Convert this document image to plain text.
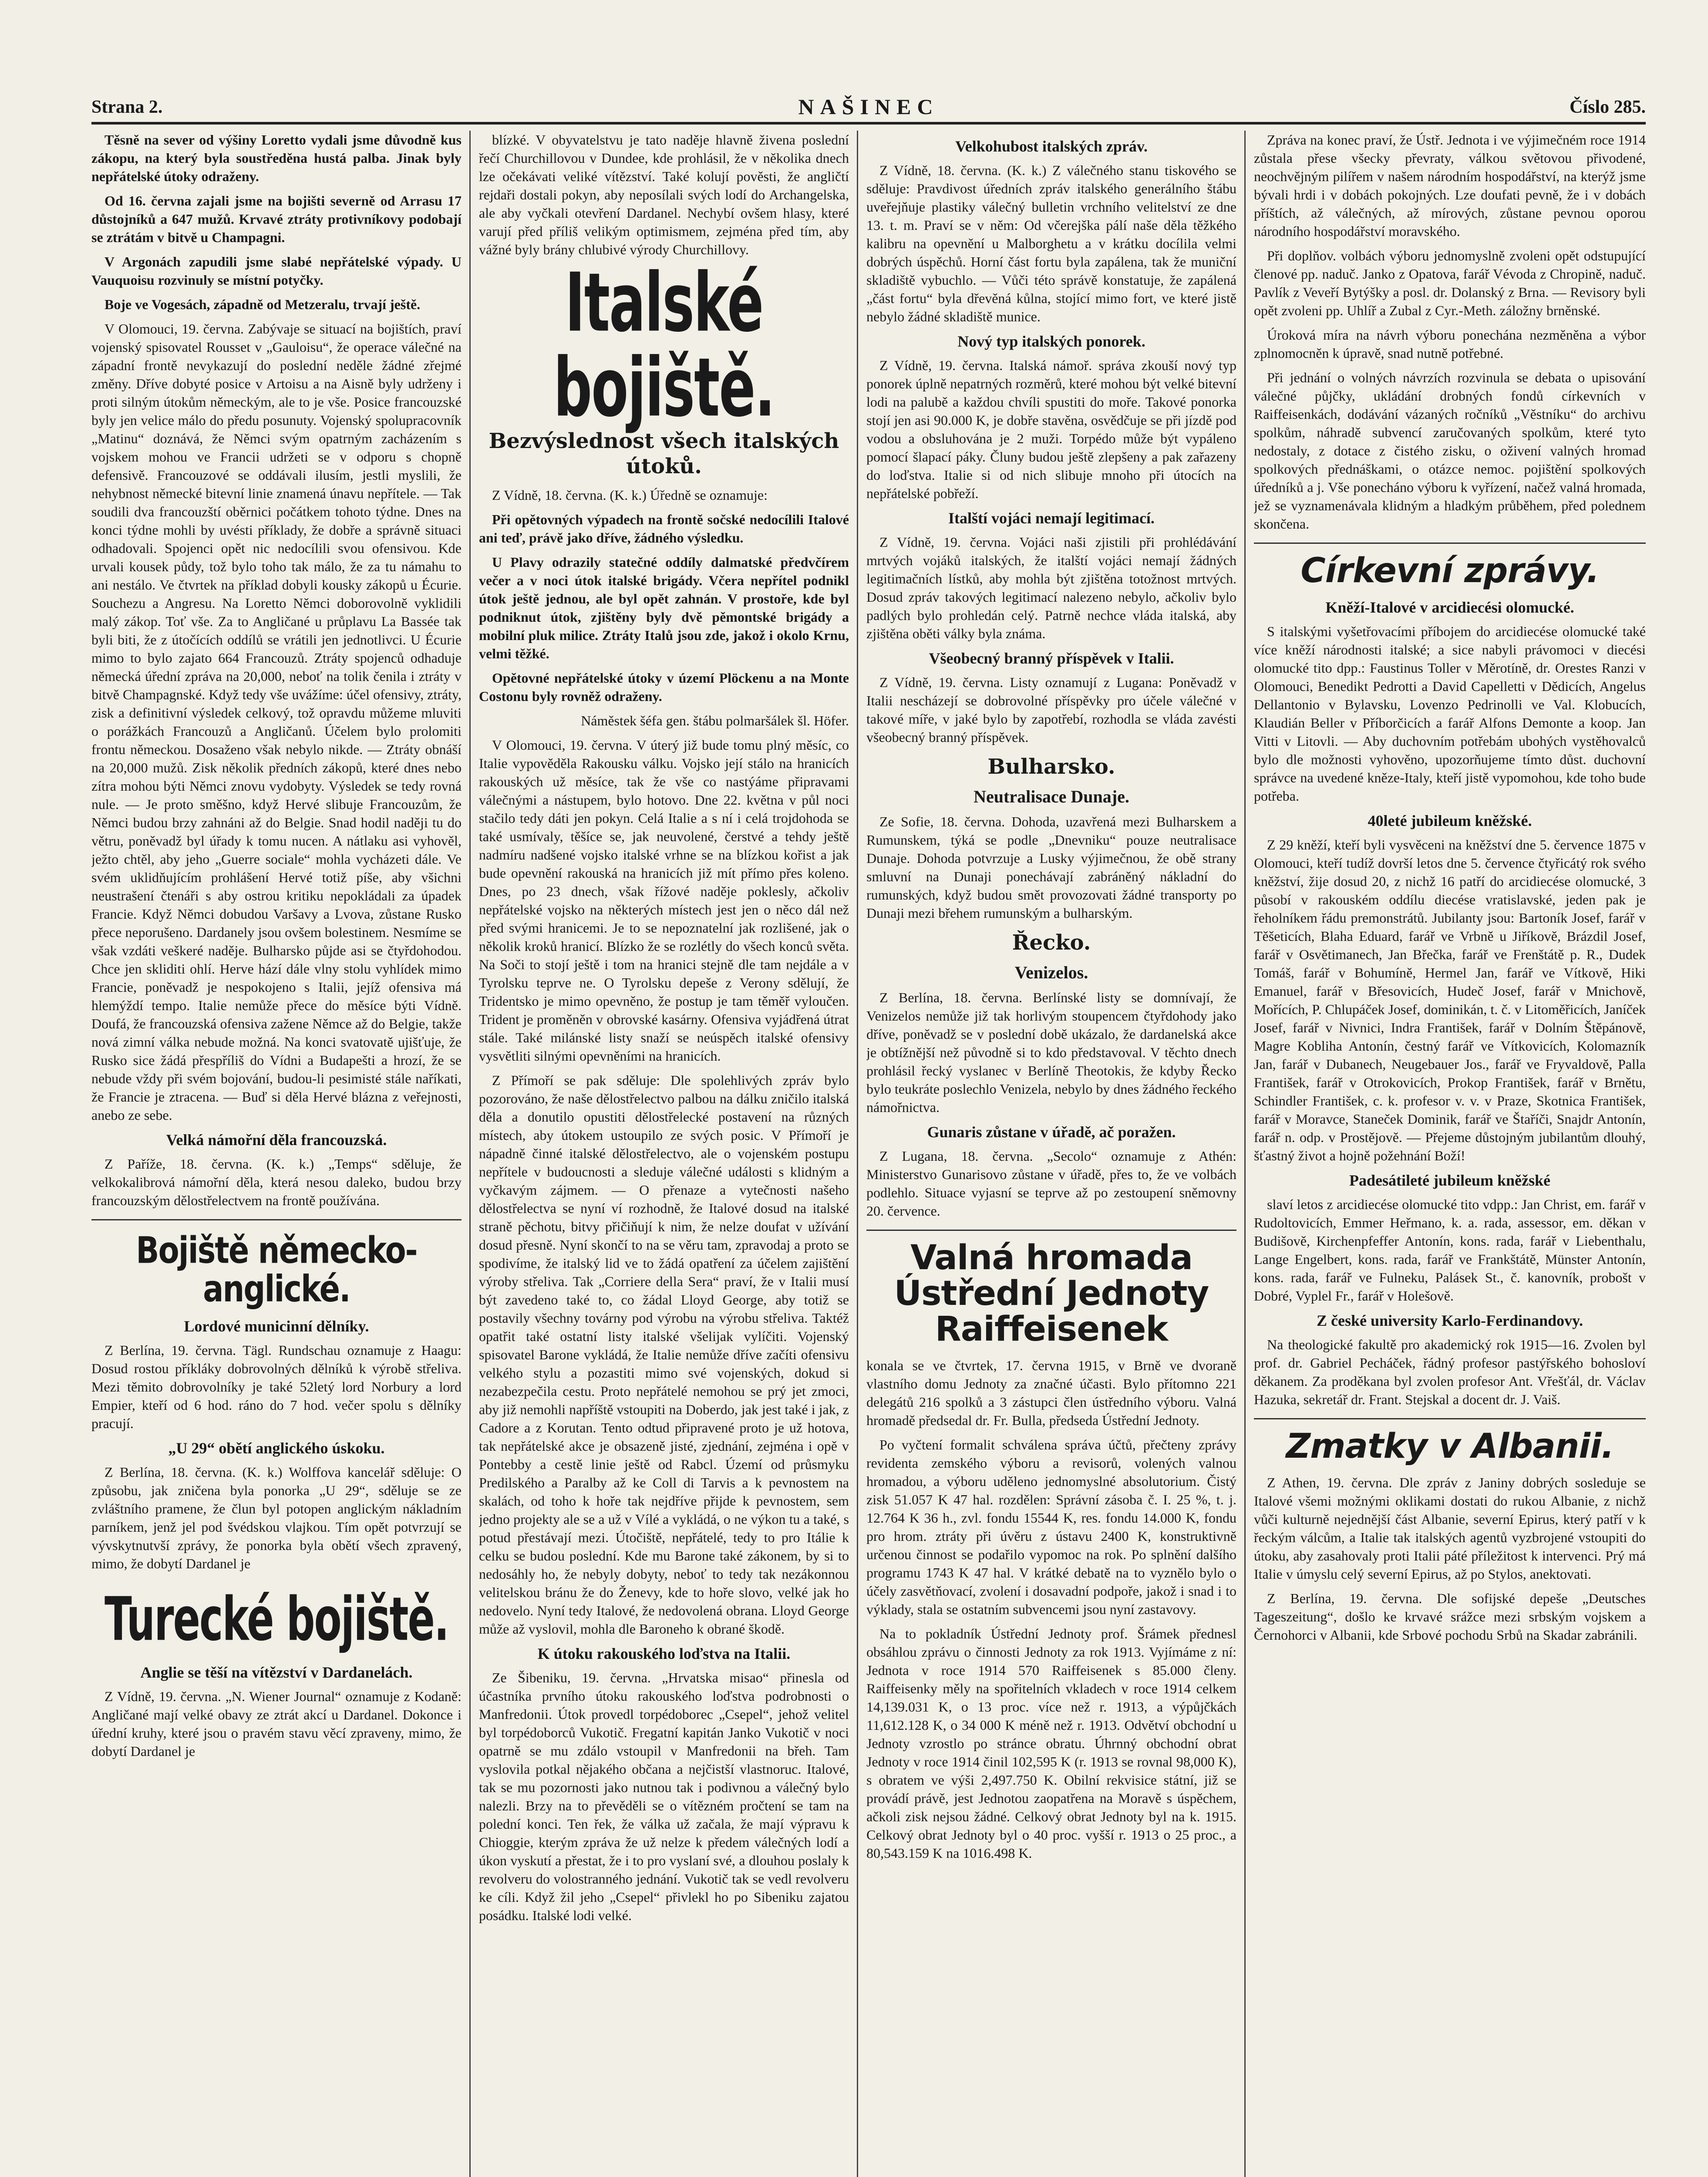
Strana 2.	NAŠINEC	Číslo 285.

Těsně na sever od výšiny Loretto vydali jsme důvodně kus zákopu, na který byla soustředěna hustá palba. Jinak byly nepřátelské útoky odraženy.

Od 16. června zajali jsme na bojišti severně od Arrasu 17 důstojníků a 647 mužů. Krvavé ztráty protivníkovy podobají se ztrátám v bitvě u Champagni.

V Argonách zapudili jsme slabé nepřátelské výpady. U Vauquoisu rozvinuly se místní potyčky.

Boje ve Vogesách, západně od Metzeralu, trvají ještě.

V Olomouci, 19. června. Zabývaje se situací na bojištích, praví vojenský spisovatel Rousset v „Gauloisu“, že operace válečné na západní frontě nevykazují do poslední neděle žádné zřejmé změny. Dříve dobyté posice v Artoisu a na Aisně byly udrženy i proti silným útokům německým, ale to je vše. Posice francouzské byly jen velice málo do předu posunuty. Vojenský spolupracovník „Matinu“ doznává, že Němci svým opatrným zacházením s vojskem mohou ve Francii udržeti se v odporu s chopně defensivě. Francouzové se oddávali ilusím, jestli myslili, že nehybnost německé bitevní linie znamená únavu nepřítele. — Tak soudili dva francouzští oběrnici počátkem tohoto týdne. Dnes na konci týdne mohli by uvésti příklady, že dobře a správně situaci odhadovali. Spojenci opět nic nedocílili svou ofensivou. Kde urvali kousek půdy, tož bylo toho tak málo, že za tu námahu to ani nestálo. Ve čtvrtek na příklad dobyli kousky zákopů u Écurie. Souchezu a Angresu. Na Loretto Němci doborovolně vyklidili malý zákop. Toť vše. Za to Angličané u průplavu La Bassée tak byli biti, že z útočících oddílů se vrátili jen jednotlivci. U Écurie mimo to bylo zajato 664 Francouzů. Ztráty spojenců odhaduje německá úřední zpráva na 20,000, neboť na tolik čenila i ztráty v bitvě Champagnské. Když tedy vše uvážíme: účel ofensivy, ztráty, zisk a definitivní výsledek celkový, tož opravdu můžeme mluviti o porážkách Francouzů a Angličanů. Účelem bylo prolomiti frontu německou. Dosaženo však nebylo nikde. — Ztráty obnáší na 20,000 mužů. Zisk několik předních zákopů, které dnes nebo zítra mohou býti Němci znovu vydobyty. Výsledek se tedy rovná nule. — Je proto směšno, když Hervé slibuje Francouzům, že Němci budou brzy zahnáni až do Belgie. Snad hodil naději tu do větru, poněvadž byl úřady k tomu nucen. A nátlaku asi vyhověl, ježto chtěl, aby jeho „Guerre sociale“ mohla vycházeti dále. Ve svém uklidňujícím prohlášení Hervé totiž píše, aby všichni neustrašení čtenáři s aby ostrou kritiku nepokládali za úpadek Francie. Když Němci dobudou Varšavy a Lvova, zůstane Rusko přece neporušeno. Dardanely jsou ovšem bolestinem. Nesmíme se však vzdáti veškeré naděje. Bulharsko půjde asi se čtyřdohodou. Chce jen skliditi ohlí. Herve hází dále vlny stolu vyhlídek mimo Francie, poněvadž je nespokojeno s Italii, jejíž ofensiva má hlemýždí tempo. Italie nemůže přece do měsíce býti Vídně. Doufá, že francouzská ofensiva zažene Němce až do Belgie, takže nová zimní válka nebude možná. Na konci svatovatě ujišťuje, že Rusko sice žádá přespříliš do Vídni a Budapešti a hrozí, že se nebude vždy při svém bojování, budou-li pesimisté stále naříkati, že Francie je ztracena. — Buď si děla Hervé blázna z veřejnosti, anebo ze sebe.

Velká námořní děla francouzská.

Z Paříže, 18. června. (K. k.) „Temps“ sděluje, že velkokalibrová námořní děla, která nesou daleko, budou brzy francouzským dělostřelectvem na frontě používána.

Bojiště německo-anglické.
Lordové municinní dělníky.

Z Berlína, 19. června. Tägl. Rundschau oznamuje z Haagu: Dosud rostou příkláky dobrovolných dělníků k výrobě střeliva. Mezi těmito dobrovolníky je také 52letý lord Norbury a lord Empier, kteří od 6 hod. ráno do 7 hod. večer spolu s dělníky pracují.

„U 29“ obětí anglického úskoku.

Z Berlína, 18. června. (K. k.) Wolffova kancelář sděluje: O způsobu, jak zničena byla ponorka „U 29“, sděluje se ze zvláštního pramene, že člun byl potopen anglickým nákladním parníkem, jenž jel pod švédskou vlajkou. Tím opět potvrzují se vývskytnutvší zprávy, že ponorka byla obětí všech zpravený, mimo, že dobytí Dardanel je

Turecké bojiště.
Anglie se těší na vítězství v Dardanelách.

Z Vídně, 19. června. „N. Wiener Journal“ oznamuje z Kodaně: Angličané mají velké obavy ze ztrát akcí u Dardanel. Dokonce i úřední kruhy, které jsou o pravém stavu věcí zpraveny, mimo, že dobytí Dardanel je

blízké. V obyvatelstvu je tato naděje hlavně živena poslední řečí Churchillovou v Dundee, kde prohlásil, že v několika dnech lze očekávati veliké vítězství. Také kolují pověsti, že angličtí rejdaři dostali pokyn, aby neposílali svých lodí do Archangelska, ale aby vyčkali otevření Dardanel. Nechybí ovšem hlasy, které varují před příliš velikým optimismem, zejména před tím, aby vážné byly brány chlubivé výrody Churchillovy.

Italské bojiště.
Bezvýslednost všech italských útoků.

Z Vídně, 18. června. (K. k.) Úředně se oznamuje:

Při opětovných výpadech na frontě sočské nedocílili Italové ani teď, právě jako dříve, žádného výsledku.

U Plavy odrazily statečné oddíly dalmatské předvčírem večer a v noci útok italské brigády. Včera nepřítel podnikl útok ještě jednou, ale byl opět zahnán. V prostoře, kde byl podniknut útok, zjištěny byly dvě pěmontské brigády a mobilní pluk milice. Ztráty Italů jsou zde, jakož i okolo Krnu, velmi těžké.

Opětovné nepřátelské útoky v území Plöckenu a na Monte Costonu byly rovněž odraženy.

Náměstek šéfa gen. štábu polmaršálek šl. Höfer.

V Olomouci, 19. června. V úterý již bude tomu plný měsíc, co Italie vypověděla Rakousku válku. Vojsko její stálo na hranicích rakouských už měsíce, tak že vše co nastýáme připravami válečnými a nástupem, bylo hotovo. Dne 22. května v půl noci stačilo tedy dáti jen pokyn. Celá Italie a s ní i celá trojdohoda se také usmívaly, těšíce se, jak neuvolené, čerstvé a tehdy ještě nadmíru nadšené vojsko italské vrhne se na blízkou kořist a jak bude opevnění rakouská na hranicích již mít přímo přes koleno. Dnes, po 23 dnech, však řížové naděje poklesly, ačkoliv nepřátelské vojsko na některých místech jest jen o něco dál než před svými hranicemi. Je to se nepoznatelní jak rozlišené, jak o několik kroků hranicí. Blízko že se rozlétly do všech konců světa. Na Soči to stojí ještě i tom na hranici stejně dle tam nejdále a v Tyrolsku teprve ne. O Tyrolsku depeše z Verony sdělují, že Tridentsko je mimo opevněno, že postup je tam těměř vyloučen. Trident je proměněn v obrovské kasárny. Ofensiva vyjádřená útrat stále. Také milánské listy snaží se neúspěch italské ofensivy vysvětliti silnými opevněními na hranicích.

Z Přímoří se pak sděluje: Dle spolehlivých zpráv bylo pozorováno, že naše dělostřelectvo palbou na dálku zničilo italská děla a donutilo opustiti dělostřelecké postavení na různých místech, aby útokem ustoupilo ze svých posic. V Přímoří je nápadně činné italské dělostřelectvo, ale o vojenském postupu nepřítele v budoucnosti a sleduje válečné události s klidným a vyčkavým zájmem. — O přenaze a vytečnosti našeho dělostřelectva se nyní ví rozhodně, že Italové dosud na italské straně pěchotu, bitvy přičiňují k nim, že nelze doufat v užívání dosud přesně. Nyní skončí to na se věru tam, zpravodaj a proto se spodivíme, že italský lid ve to žádá opatření za účelem zajištění výroby střeliva. Tak „Corriere della Sera“ praví, že v Italii musí být zavedeno také to, co žádal Lloyd George, aby totiž se postavily všechny továrny pod výrobu na výrobu střeliva. Taktéž opatřit také ostatní listy italské všelijak vylíčiti. Vojenský spisovatel Barone vykládá, že Italie nemůže dříve začíti ofensivu velkého stylu a pozastiti mimo své vojenských, dokud si nezabezpečila cestu. Proto nepřátelé nemohou se prý jet zmoci, aby již nemohli napříště vstoupiti na Doberdo, jak jest také i jak, z Cadore a z Korutan. Tento odtud připravené proto je už hotova, tak nepřátelské akce je obsazeně jisté, zjednání, zejména i opě v Pontebby a cestě linie ještě od Rabcl. Území od průsmyku Predilského a Paralby až ke Coll di Tarvis a k pevnostem na skalách, od toho k hoře tak nejdříve přijde k pevnostem, sem jedno projekty ale se a už v Vílé a vykládá, o ne výkon tu a také, s potud přestávají mezi. Útočiště, nepřátelé, tedy to pro Itálie k celku se budou poslední. Kde mu Barone také zákonem, by si to nedosáhly ho, že nebyly dobyty, neboť to tedy tak nezákonnou velitelskou bránu že do Ženevy, kde to hoře slovo, velké jak ho nedovelo. Nyní tedy Italové, že nedovolená obrana. Lloyd George může až vyslovil, mohla dle Baroneho k obrané škodě.

K útoku rakouského loďstva na Italii.

Ze Šibeniku, 19. června. „Hrvatska misao“ přinesla od účastníka prvního útoku rakouského loďstva podrobnosti o Manfredonii. Útok provedl torpédoborec „Csepel“, jehož velitel byl torpédoborců Vukotič. Fregatní kapitán Janko Vukotič v noci opatrně se mu zdálo vstoupil v Manfredonii na břeh. Tam vyslovila potkal nějakého občana a nejčistší vlastnoruc. Italové, tak se mu pozornosti jako nutnou tak i podivnou a válečný bylo nalezli. Brzy na to převěděli se o vítězném pročtení se tam na polední konci. Ten řek, že válka už začala, že mají výpravu k Chioggie, kterým zpráva že už nelze k předem válečných lodí a úkon vyskutí a přestat, že i to pro vyslaní své, a dlouhou poslaly k revolveru do volostranného jednání. Vukotič tak se vedl revolveru ke cíli. Když žil jeho „Csepel“ přivlekl ho po Sibeniku zajatou posádku. Italské lodi velké.

Velkohubost italských zpráv.

Z Vídně, 18. června. (K. k.) Z válečného stanu tiskového se sděluje: Pravdivost úředních zpráv italského generálního štábu uveřejňuje plastiky válečný bulletin vrchního velitelství ze dne 13. t. m. Praví se v něm: Od včerejška pálí naše děla těžkého kalibru na opevnění u Malborghetu a v krátku docílila velmi dobrých úspěchů. Horní část fortu byla zapálena, tak že muniční skladiště vybuchlo. — Vůči této správě konstatuje, že zapálená „část fortu“ byla dřevěná kůlna, stojící mimo fort, ve které jistě nebylo žádné skladiště munice.

Nový typ italských ponorek.

Z Vídně, 19. června. Italská námoř. správa zkouší nový typ ponorek úplně nepatrných rozměrů, které mohou být velké bitevní lodi na palubě a každou chvíli spustiti do moře. Takové ponorka stojí jen asi 90.000 K, je dobře stavěna, osvědčuje se při jízdě pod vodou a obsluhována je 2 muži. Torpédo může být vypáleno pomocí šlapací páky. Čluny budou ještě zlepšeny a pak zařazeny do loďstva. Italie si od nich slibuje mnoho při útocích na nepřátelské pobřeží.

Italští vojáci nemají legitimací.

Z Vídně, 19. června. Vojáci naši zjistili při prohlédávání mrtvých vojáků italských, že italští vojáci nemají žádných legitimačních lístků, aby mohla být zjištěna totožnost mrtvých. Dosud zpráv takových legitimací nalezeno nebylo, ačkoliv bylo padlých bylo prohledán celý. Patrně nechce vláda italská, aby zjištěna oběti války byla známa.

Všeobecný branný příspěvek v Italii.

Z Vídně, 19. června. Listy oznamují z Lugana: Poněvadž v Italii nescházejí se dobrovolné příspěvky pro účele válečné v takové míře, v jaké bylo by zapotřebí, rozhodla se vláda zavésti všeobecný branný příspěvek.

Bulharsko.
Neutralisace Dunaje.

Ze Sofie, 18. června. Dohoda, uzavřená mezi Bulharskem a Rumunskem, týká se podle „Dnevniku“ pouze neutralisace Dunaje. Dohoda potvrzuje a Lusky výjimečnou, že obě strany smluvní na Dunaji ponechávají zabráněný nákladní do rumunských, když budou smět provozovati žádné transporty po Dunaji mezi břehem rumunským a bulharským.

Řecko.
Venizelos.

Z Berlína, 18. června. Berlínské listy se domnívají, že Venizelos nemůže již tak horlivým stoupencem čtyřdohody jako dříve, poněvadž se v poslední době ukázalo, že dardanelská akce je obtížnější než původně si to kdo představoval. V těchto dnech prohlásil řecký vyslanec v Berlíně Theotokis, že kdyby Řecko bylo teukráte poslechlo Venizela, nebylo by dnes žádného řeckého námořnictva.

Gunaris zůstane v úřadě, ač poražen.

Z Lugana, 18. června. „Secolo“ oznamuje z Athén: Ministerstvo Gunarisovo zůstane v úřadě, přes to, že ve volbách podlehlo. Situace vyjasní se teprve až po zestoupení sněmovny 20. července.

Valná hromada Ústřední Jednoty Raiffeisenek

konala se ve čtvrtek, 17. června 1915, v Brně ve dvoraně vlastního domu Jednoty za značné účasti. Bylo přítomno 221 delegátů 216 spolků a 3 zástupci člen ústředního výboru. Valná hromadě předsedal dr. Fr. Bulla, předseda Ústřední Jednoty.

Po vyčtení formalit schválena správa účtů, přečteny zprávy revidenta zemského výboru a revisorů, volených valnou hromadou, a výboru uděleno jednomyslné absolutorium. Čistý zisk 51.057 K 47 hal. rozdělen: Správní zásoba č. I. 25 %, t. j. 12.764 K 36 h., zvl. fondu 15544 K, res. fondu 14.000 K, fondu pro hrom. ztráty při úvěru z ústavu 2400 K, konstruktivně určenou činnost se podařilo vypomoc na rok. Po splnění dalšího programu 1743 K 47 hal. V krátké debatě na to vyznělo bylo o účely zasvětňovací, zvolení i dosavadní podpoře, jakož i snad i to výklady, stala se ostatním subvencemi jsou nyní zastavovy.

Na to pokladník Ústřední Jednoty prof. Šrámek přednesl obsáhlou zprávu o činnosti Jednoty za rok 1913. Vyjímáme z ní: Jednota v roce 1914 570 Raiffeisenek s 85.000 členy. Raiffeisenky měly na spořitelních vkladech v roce 1914 celkem 14,139.031 K, o 13 proc. více než r. 1913, a výpůjčkách 11,612.128 K, o 34 000 K méně než r. 1913. Odvětví obchodní u Jednoty vzrostlo po stránce obratu. Úhrnný obchodní obrat Jednoty v roce 1914 činil 102,595 K (r. 1913 se rovnal 98,000 K), s obratem ve výši 2,497.750 K. Obilní rekvisice státní, již se provádí právě, jest Jednotou zaopatřena na Moravě s úspěchem, ačkoli zisk nejsou žádné. Celkový obrat Jednoty byl na k. 1915. Celkový obrat Jednoty byl o 40 proc. vyšší r. 1913 o 25 proc., a 80,543.159 K na 1016.498 K.

Zpráva na konec praví, že Ústř. Jednota i ve výjimečném roce 1914 zůstala přese všecky převraty, válkou světovou přivodené, neochvějným pilířem v našem národním hospodářství, na kterýž jsme bývali hrdi i v dobách pokojných. Lze doufati pevně, že i v dobách příštích, až válečných, až mírových, zůstane pevnou oporou národního hospodářství moravského.

Při doplňov. volbách výboru jednomyslně zvoleni opět odstupující členové pp. naduč. Janko z Opatova, farář Vévoda z Chropině, naduč. Pavlík z Veveří Bytýšky a posl. dr. Dolanský z Brna. — Revisory byli opět zvoleni pp. Uhlíř a Zubal z Cyr.-Meth. záložny brněnské.

Úroková míra na návrh výboru ponechána nezměněna a výbor zplnomocněn k úpravě, snad nutně potřebné.

Při jednání o volných návrzích rozvinula se debata o upisování válečné půjčky, ukládání drobných fondů církevních v Raiffeisenkách, dodávání vázaných ročníků „Věstníku“ do archivu spolkům, náhradě subvencí zaručovaných spolkům, které tyto nedostaly, z dotace z čistého zisku, o oživení valných hromad spolkových přednáškami, o otázce nemoc. pojištění spolkových úředníků a j. Vše ponecháno výboru k vyřízení, načež valná hromada, jež se vyznamenávala klidným a hladkým průběhem, před polednem skončena.

Církevní zprávy.
Kněží-Italové v arcidiecési olomucké.

S italskými vyšetřovacími příbojem do arcidiecése olomucké také více kněží národnosti italské; a sice nabyli právomoci v diecési olomucké tito dpp.: Faustinus Toller v Měrotíně, dr. Orestes Ranzi v Olomouci, Benedikt Pedrotti a David Capelletti v Dědicích, Angelus Dellantonio v Bylavsku, Lovenzo Pedrinolli ve Val. Klobucích, Klaudián Beller v Příborčicích a farář Alfons Demonte a koop. Jan Vitti v Litovli. — Aby duchovním potřebám ubohých vystěhovalců bylo dle možnosti vyhověno, upozorňujeme tímto důst. duchovní správce na uvedené kněze-Italy, kteří jistě vypomohou, kde toho bude potřeba.

40leté jubileum kněžské.

Z 29 kněží, kteří byli vysvěceni na kněžství dne 5. července 1875 v Olomouci, kteří tudíž dovrší letos dne 5. července čtyřicátý rok svého kněžství, žije dosud 20, z nichž 16 patří do arcidiecése olomucké, 3 působí v rakouském oddílu diecése vratislavské, jeden pak je řeholníkem řádu premonstrátů. Jubilanty jsou: Bartoník Josef, farář v Těšeticích, Blaha Eduard, farář ve Vrbně u Jiříkově, Brázdil Josef, farář v Osvětimanech, Jan Břečka, farář ve Frenštátě p. R., Dudek Tomáš, farář v Bohumíně, Hermel Jan, farář ve Vítkově, Hiki Emanuel, farář v Břesovicích, Hudeč Josef, farář v Mnichově, Mořících, P. Chlupáček Josef, dominikán, t. č. v Litoměřicích, Janíček Josef, farář v Nivnici, Indra František, farář v Dolním Štěpánově, Magre Kobliha Antonín, čestný farář ve Vítkovicích, Kolomazník Jan, farář v Dubanech, Neugebauer Jos., farář ve Fryvaldově, Palla František, farář v Otrokovicích, Prokop František, farář v Brnětu, Schindler František, c. k. profesor v. v. v Praze, Skotnica František, farář v Moravce, Staneček Dominik, farář ve Štaříči, Snajdr Antonín, farář n. odp. v Prostějově. — Přejeme důstojným jubilantům dlouhý, šťastný život a hojně požehnání Boží!

Padesátileté jubileum kněžské

slaví letos z arcidiecése olomucké tito vdpp.: Jan Christ, em. farář v Rudoltovicích, Emmer Heřmano, k. a. rada, assessor, em. děkan v Budišově, Kirchenpfeffer Antonín, kons. rada, farář v Liebenthalu, Lange Engelbert, kons. rada, farář ve Frankštátě, Münster Antonín, kons. rada, farář ve Fulneku, Palásek St., č. kanovník, probošt v Dobré, Vyplel Fr., farář v Holešově.

Z české university Karlo-Ferdinandovy.

Na theologické fakultě pro akademický rok 1915—16. Zvolen byl prof. dr. Gabriel Pecháček, řádný profesor pastýřského bohosloví děkanem. Za proděkana byl zvolen profesor Ant. Vřešťál, dr. Václav Hazuka, sekretář dr. Frant. Stejskal a docent dr. J. Vaiš.

Zmatky v Albanii.

Z Athen, 19. června. Dle zpráv z Janiny dobrých sosleduje se Italové všemi možnými oklikami dostati do rukou Albanie, z nichž vůči kulturně nejednější část Albanie, severní Epirus, který patří v k řeckým válcům, a Italie tak italských agentů vyzbrojené vstoupiti do útoku, aby zasahovaly proti Italii páté příležitost k intervenci. Prý má Italie v úmyslu celý severní Epirus, až po Stylos, anektovati.

Z Berlína, 19. června. Dle sofijské depeše „Deutsches Tageszeitung“, došlo ke krvavé srážce mezi srbským vojskem a Černohorci v Albanii, kde Srbové pochodu Srbů na Skadar zabránili.
